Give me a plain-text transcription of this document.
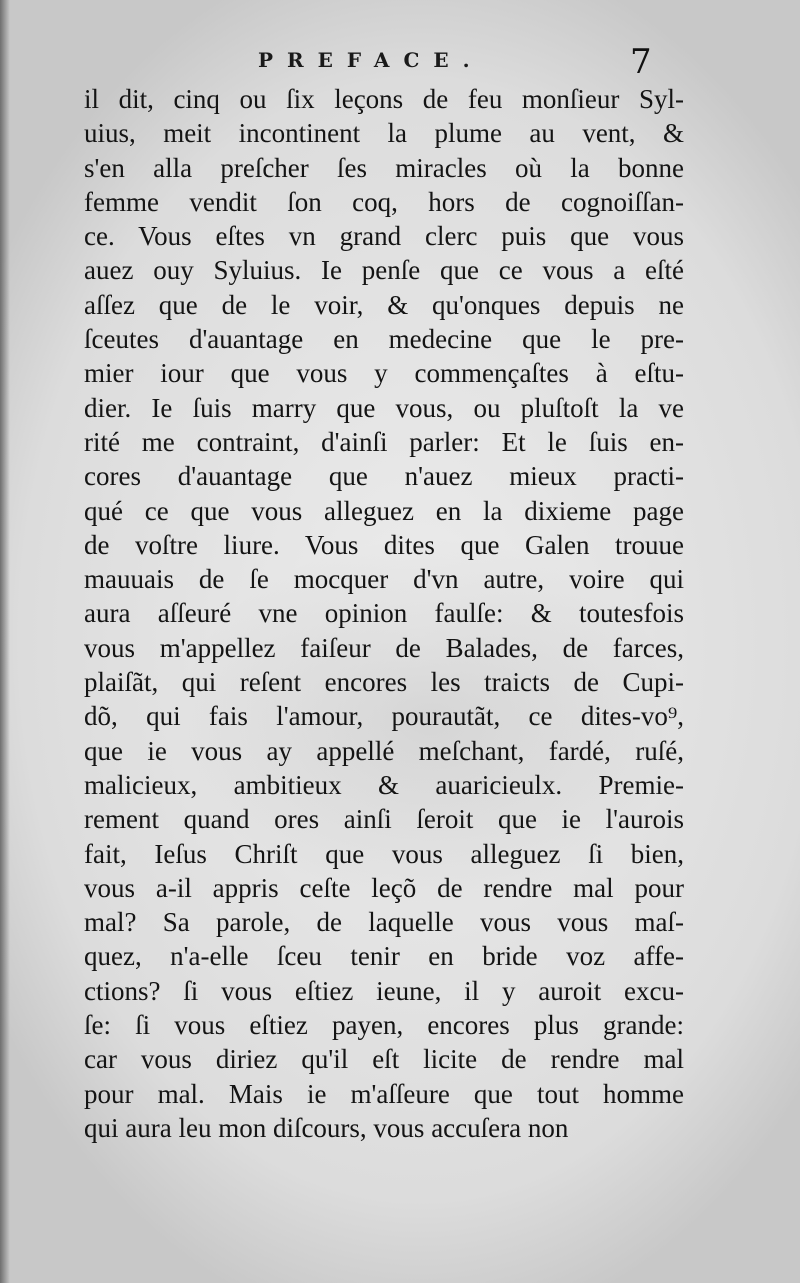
PREFACE.	7
il dit, cinq ou ſix leçons de feu monſieur Syl-
uius, meit incontinent la plume au vent, &
s'en alla preſcher ſes miracles où la bonne
femme vendit ſon coq, hors de cognoiſſan-
ce. Vous eſtes vn grand clerc puis que vous
auez ouy Syluius. Ie penſe que ce vous a eſté
aſſez que de le voir, & qu'onques depuis ne
ſceutes d'auantage en medecine que le pre-
mier iour que vous y commençaſtes à eſtu-
dier. Ie ſuis marry que vous, ou pluſtoſt la ve
rité me contraint, d'ainſi parler: Et le ſuis en-
cores d'auantage que n'auez mieux practi-
qué ce que vous alleguez en la dixieme page
de voſtre liure. Vous dites que Galen trouue
mauuais de ſe mocquer d'vn autre, voire qui
aura aſſeuré vne opinion faulſe: & toutesfois
vous m'appellez faiſeur de Balades, de farces,
plaiſãt, qui reſent encores les traicts de Cupi-
dõ, qui fais l'amour, pourautãt, ce dites-vo⁹,
que ie vous ay appellé meſchant, fardé, ruſé,
malicieux, ambitieux & auaricieulx. Premie-
rement quand ores ainſi ſeroit que ie l'aurois
fait, Ieſus Chriſt que vous alleguez ſi bien,
vous a-il appris ceſte leçõ de rendre mal pour
mal? Sa parole, de laquelle vous vous maſ-
quez, n'a-elle ſceu tenir en bride voz affe-
ctions? ſi vous eſtiez ieune, il y auroit excu-
ſe: ſi vous eſtiez payen, encores plus grande:
car vous diriez qu'il eſt licite de rendre mal
pour mal. Mais ie m'aſſeure que tout homme
qui aura leu mon diſcours, vous accuſera non
